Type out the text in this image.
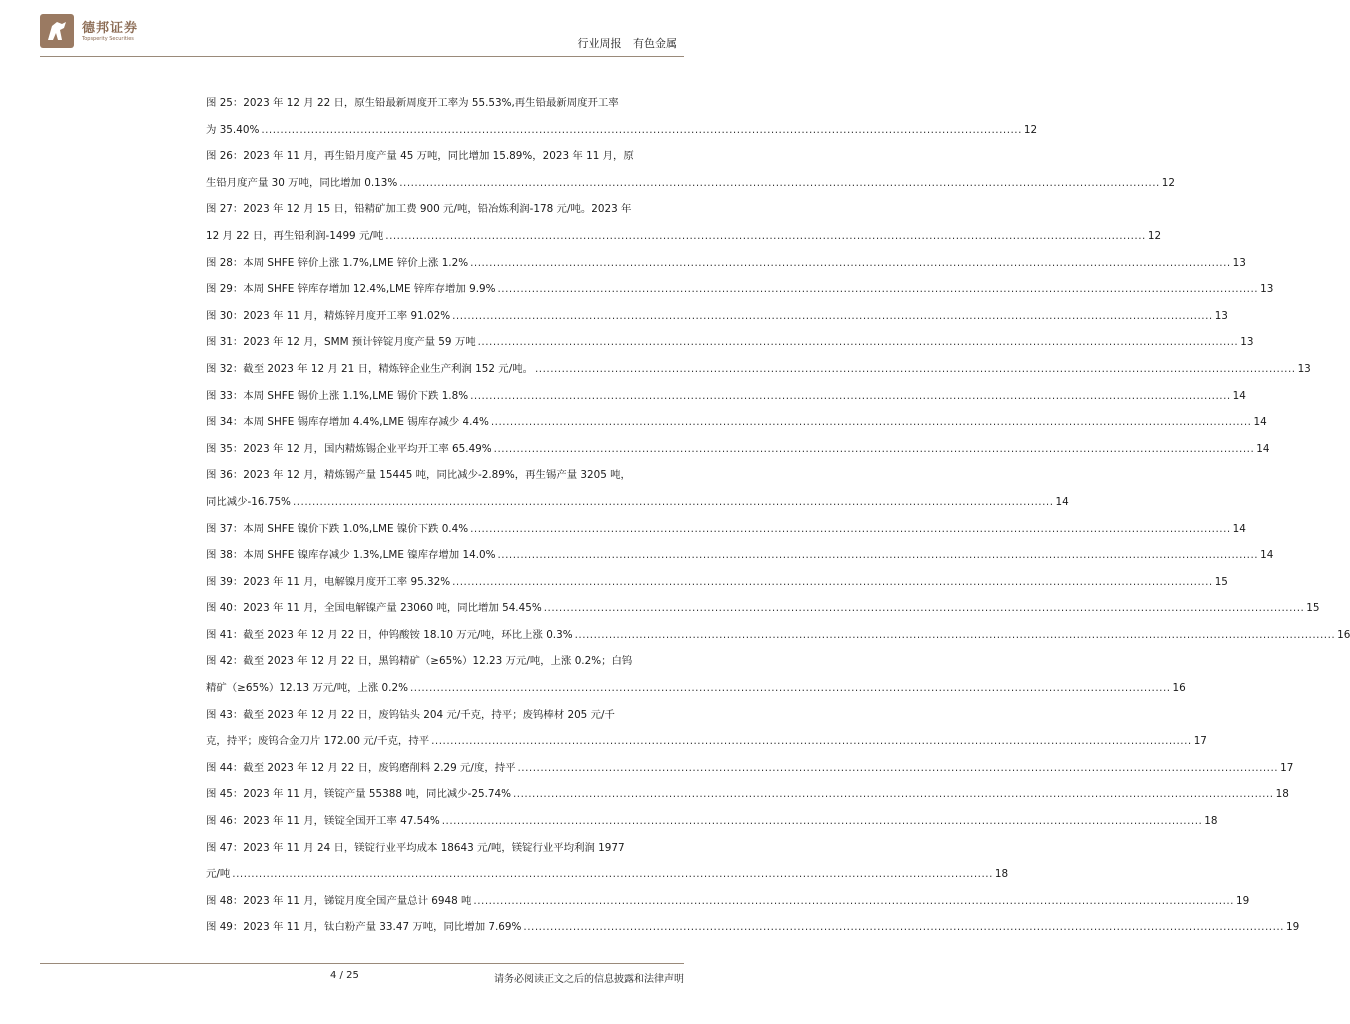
德邦证券
Topsperity Securities	行业周报 有色金属
图 25：2023 年 12 月 22 日，原生铅最新周度开工率为 55.53%,再生铅最新周度开工率
为 35.40% ........................................................................................................................................................................................................ 12
图 26：2023 年 11 月，再生铅月度产量 45 万吨，同比增加 15.89%，2023 年 11 月，原
生铅月度产量 30 万吨，同比增加 0.13% ........................................................................................................................................................................................................ 12
图 27：2023 年 12 月 15 日，铅精矿加工费 900 元/吨，铅冶炼利润-178 元/吨。2023 年
12 月 22 日，再生铅利润-1499 元/吨 ........................................................................................................................................................................................................ 12
图 28：本周 SHFE 锌价上涨 1.7%,LME 锌价上涨 1.2% ........................................................................................................................................................................................................ 13
图 29：本周 SHFE 锌库存增加 12.4%,LME 锌库存增加 9.9% ........................................................................................................................................................................................................ 13
图 30：2023 年 11 月，精炼锌月度开工率 91.02% ........................................................................................................................................................................................................ 13
图 31：2023 年 12 月，SMM 预计锌锭月度产量 59 万吨 ........................................................................................................................................................................................................ 13
图 32：截至 2023 年 12 月 21 日，精炼锌企业生产利润 152 元/吨。 ........................................................................................................................................................................................................ 13
图 33：本周 SHFE 锡价上涨 1.1%,LME 锡价下跌 1.8% ........................................................................................................................................................................................................ 14
图 34：本周 SHFE 锡库存增加 4.4%,LME 锡库存减少 4.4% ........................................................................................................................................................................................................ 14
图 35：2023 年 12 月，国内精炼锡企业平均开工率 65.49% ........................................................................................................................................................................................................ 14
图 36：2023 年 12 月，精炼锡产量 15445 吨，同比减少-2.89%，再生锡产量 3205 吨，
同比减少-16.75% ........................................................................................................................................................................................................ 14
图 37：本周 SHFE 镍价下跌 1.0%,LME 镍价下跌 0.4% ........................................................................................................................................................................................................ 14
图 38：本周 SHFE 镍库存减少 1.3%,LME 镍库存增加 14.0% ........................................................................................................................................................................................................ 14
图 39：2023 年 11 月，电解镍月度开工率 95.32% ........................................................................................................................................................................................................ 15
图 40：2023 年 11 月，全国电解镍产量 23060 吨，同比增加 54.45% ........................................................................................................................................................................................................ 15
图 41：截至 2023 年 12 月 22 日，仲钨酸铵 18.10 万元/吨，环比上涨 0.3% ........................................................................................................................................................................................................ 16
图 42：截至 2023 年 12 月 22 日，黑钨精矿（≥65%）12.23 万元/吨，上涨 0.2%；白钨
精矿（≥65%）12.13 万元/吨，上涨 0.2% ........................................................................................................................................................................................................ 16
图 43：截至 2023 年 12 月 22 日，废钨钻头 204 元/千克，持平；废钨棒材 205 元/千
克，持平；废钨合金刀片 172.00 元/千克，持平 ........................................................................................................................................................................................................ 17
图 44：截至 2023 年 12 月 22 日，废钨磨削料 2.29 元/度，持平 ........................................................................................................................................................................................................ 17
图 45：2023 年 11 月，镁锭产量 55388 吨，同比减少-25.74% ........................................................................................................................................................................................................ 18
图 46：2023 年 11 月，镁锭全国开工率 47.54% ........................................................................................................................................................................................................ 18
图 47：2023 年 11 月 24 日，镁锭行业平均成本 18643 元/吨，镁锭行业平均利润 1977
元/吨 ........................................................................................................................................................................................................ 18
图 48：2023 年 11 月，锑锭月度全国产量总计 6948 吨 ........................................................................................................................................................................................................ 19
图 49：2023 年 11 月，钛白粉产量 33.47 万吨，同比增加 7.69% ........................................................................................................................................................................................................ 19
4 / 25	请务必阅读正文之后的信息披露和法律声明
